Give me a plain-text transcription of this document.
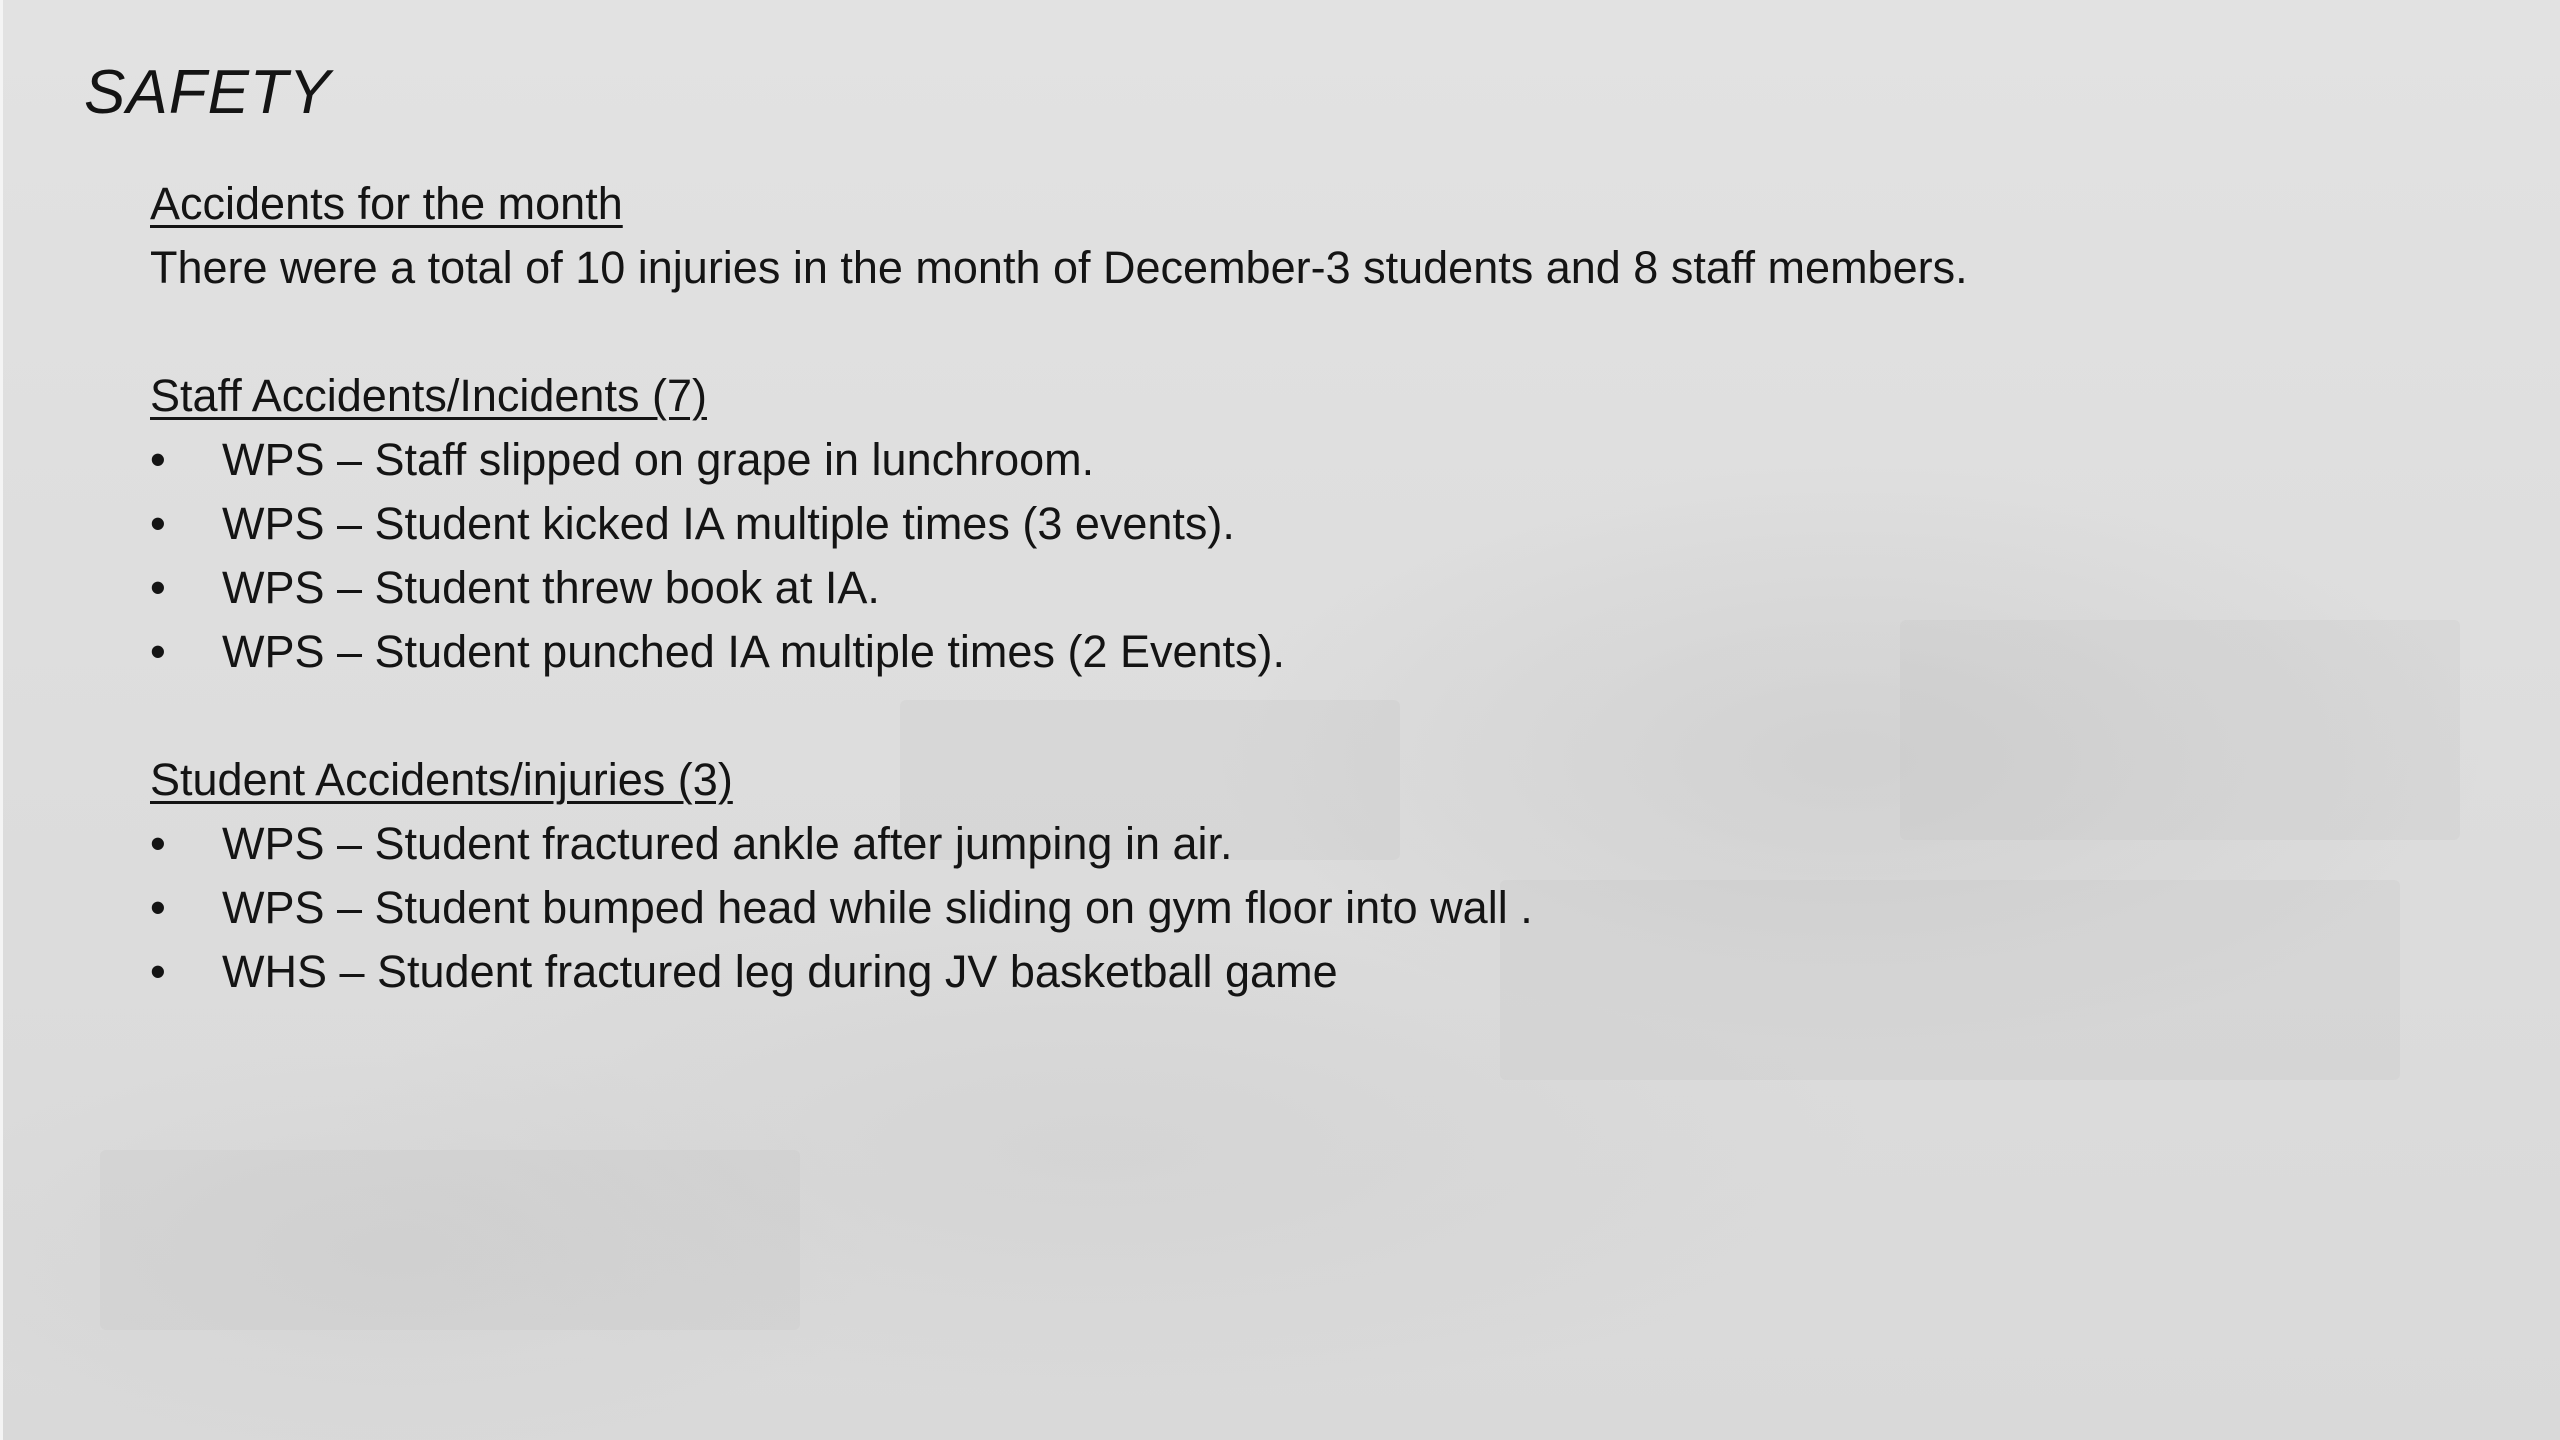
SAFETY
Accidents for the month
There were a total of 10 injuries in the month of December-3 students and 8 staff members.
Staff Accidents/Incidents (7)
•	WPS – Staff slipped on grape in lunchroom.
•	WPS – Student kicked IA multiple times (3 events).
•	WPS – Student threw book at IA.
•	WPS – Student punched IA multiple times (2 Events).
Student Accidents/injuries (3)
•	WPS – Student fractured ankle after jumping in air.
•	WPS – Student bumped head while sliding on gym floor into wall .
•	WHS – Student fractured leg during JV basketball game
